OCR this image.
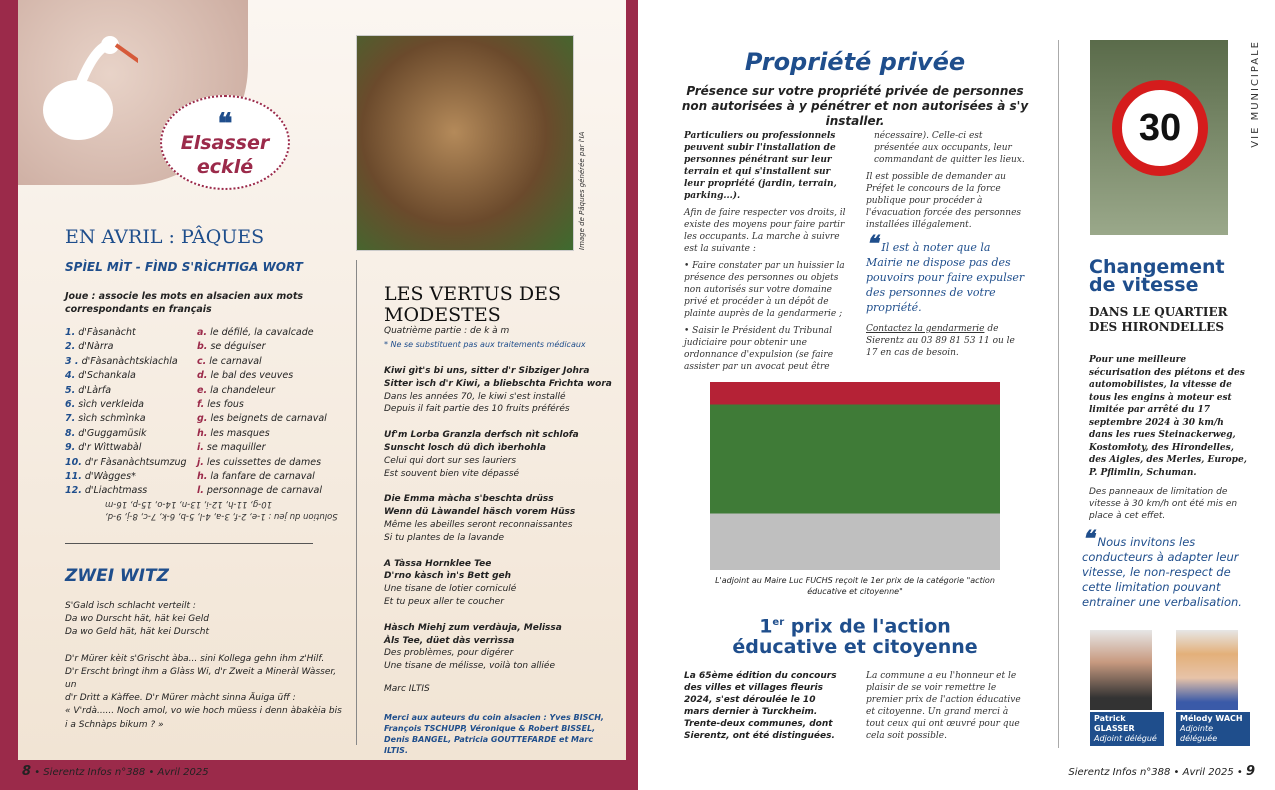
❝
Elsasser ecklé
EN AVRIL : PÂQUES
SPÌEL MÌT - FÌND S'RÌCHTIGA WORT
Joue : associe les mots en alsacien aux mots correspondants en français
1. d'Fàsanàcht
2. d'Nàrra
3 . d'Fàsanàchtskiachla
4. d'Schankala
5. d'Làrfa
6. sìch verkleida
7. sìch schmìnka
8. d'Guggamüsik
9. d'r Wìttwabàl
10. d'r Fàsanàchtsumzug
11. d'Wàgges*
12. d'Liachtmass
a. le défilé, la cavalcade
b. se déguiser
c. le carnaval
d. le bal des veuves
e. la chandeleur
f. les fous
g. les beignets de carnaval
h. les masques
i. se maquiller
j. les cuissettes de dames
h. la fanfare de carnaval
l. personnage de carnaval
Solution du jeu : 1-e, 2-f, 3-a, 4-l, 5-b, 6-k, 7-c, 8-j, 9-d,
10-g, 11-h, 12-i, 13-n, 14-o, 15-p, 16-m
ZWEI WITZ
S'Gald ìsch schlacht verteilt :
Da wo Durscht hät, hät kei Geld
Da wo Geld hät, hät kei Durscht
D'r Mürer kèit s'Grischt àba... sini Kollega gehn ihm z'Hilf.
D'r Erscht brìngt ihm a Glàss Wi, d'r Zweit a Mineràl Wàsser, un
d'r Drìtt a Kàffee. D'r Mürer màcht sinna Äuiga üff :
« V'rdà...... Noch amol, vo wie hoch müess i denn àbakèia bis i a Schnàps bikum ? »
Image de Pâques générée par l'IA
LES VERTUS DES MODESTES
Quatrième partie : de k à m
* Ne se substituent pas aux traitements médicaux
Kiwi gìt's bi uns, sitter d'r Sibziger Johra
Sitter ìsch d'r Kiwi, a bliebschta Frìchta wora
Dans les années 70, le kiwi s'est installé
Depuis il fait partie des 10 fruits préférés
Uf'm Lorba Granzla derfsch nìt schlofa
Sunscht losch dü dìch ìberhohla
Celui qui dort sur ses lauriers
Est souvent bien vite dépassé
Die Emma màcha s'beschta drüss
Wenn dü Làwandel häsch vorem Hüss
Même les abeilles seront reconnaissantes
Si tu plantes de la lavande
A Tàssa Hornklee Tee
D'rno kàsch ìn's Bett geh
Une tisane de lotier corniculé
Et tu peux aller te coucher
Hàsch Miehj zum verdàuja, Melissa
Àls Tee, düet dàs verrìssa
Des problèmes, pour digérer
Une tisane de mélisse, voilà ton alliée
Marc ILTIS
Merci aux auteurs du coin alsacien : Yves BISCH, François TSCHUPP, Véronique & Robert BISSEL, Denis BANGEL, Patricia GOUTTEFARDE et Marc ILTIS.
8 • Sierentz Infos n°388 • Avril 2025
Propriété privée
Présence sur votre propriété privée de personnes non autorisées à y pénétrer et non autorisées à s'y installer.

Particuliers ou professionnels peuvent subir l'installation de personnes pénétrant sur leur terrain et qui s'installent sur leur propriété (jardin, terrain, parking...).

Afin de faire respecter vos droits, il existe des moyens pour faire partir les occupants. La marche à suivre est la suivante :

• Faire constater par un huissier la présence des personnes ou objets non autorisés sur votre domaine privé et procéder à un dépôt de plainte auprès de la gendarmerie ;

• Saisir le Président du Tribunal judiciaire pour obtenir une ordonnance d'expulsion (se faire assister par un avocat peut être

nécessaire). Celle-ci est présentée aux occupants, leur commandant de quitter les lieux.

Il est possible de demander au Préfet le concours de la force publique pour procéder à l'évacuation forcée des personnes installées illégalement.

❝ Il est à noter que la Mairie ne dispose pas des pouvoirs pour faire expulser des personnes de votre propriété.

Contactez la gendarmerie de Sierentz au 03 89 81 53 11 ou le 17 en cas de besoin.

L'adjoint au Maire Luc FUCHS reçoit le 1er prix de la catégorie "action éducative et citoyenne"
1er prix de l'action
éducative et citoyenne
La 65ème édition du concours des villes et villages fleuris 2024, s'est déroulée le 10 mars dernier à Turckheim. Trente-deux communes, dont Sierentz, ont été distinguées.
La commune a eu l'honneur et le plaisir de se voir remettre le premier prix de l'action éducative et citoyenne. Un grand merci à tout ceux qui ont œuvré pour que cela soit possible.
30	VIE MUNICIPALE
Changement de vitesse
DANS LE QUARTIER DES HIRONDELLES
Pour une meilleure sécurisation des piétons et des automobilistes, la vitesse de tous les engins à moteur est limitée par arrêté du 17 septembre 2024 à 30 km/h dans les rues Steinackerweg, Kostomłoty, des Hirondelles, des Aigles, des Merles, Europe, P. Pflimlin, Schuman.
Des panneaux de limitation de vitesse à 30 km/h ont été mis en place à cet effet.
❝ Nous invitons les conducteurs à adapter leur vitesse, le non-respect de cette limitation pouvant entrainer une verbalisation.
Patrick GLASSER
Adjoint délégué
Mélody WACH
Adjointe déléguée
Sierentz Infos n°388 • Avril 2025 • 9
